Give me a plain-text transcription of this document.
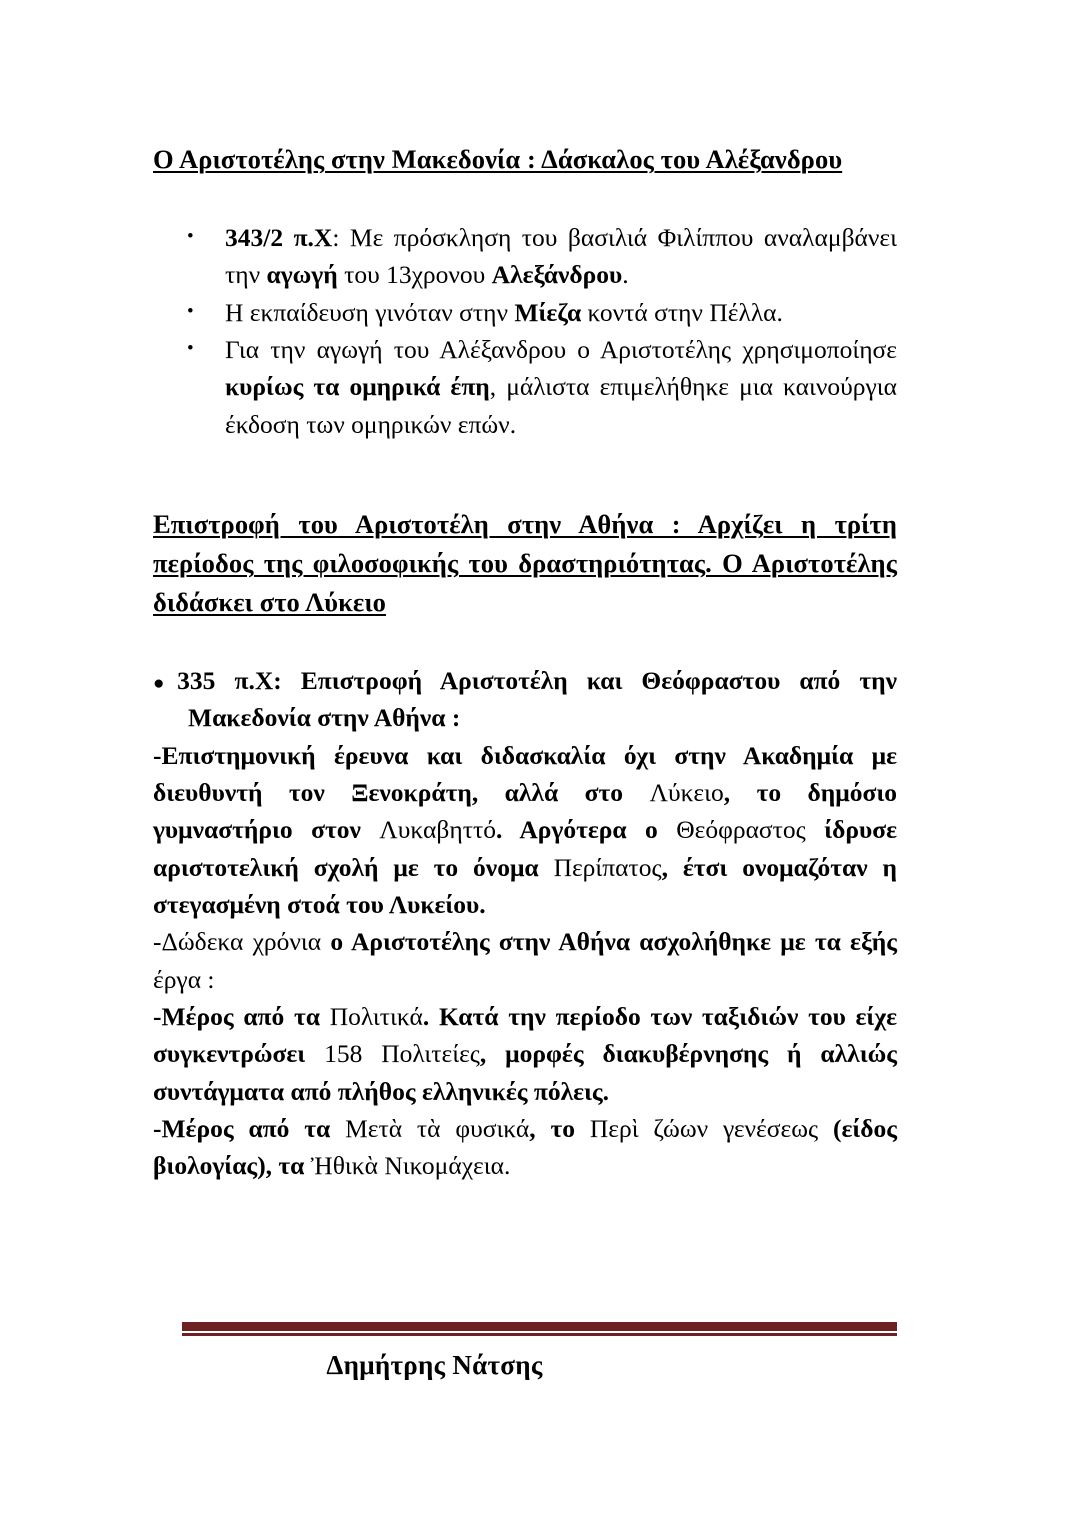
Ο Αριστοτέλης στην Μακεδονία : Δάσκαλος του Αλέξανδρου
• 343/2 π.Χ: Με πρόσκληση του βασιλιά Φιλίππου αναλαμβάνει την αγωγή του 13χρονου Αλεξάνδρου.
• Η εκπαίδευση γινόταν στην Μίεζα κοντά στην Πέλλα.
• Για την αγωγή του Αλέξανδρου ο Αριστοτέλης χρησιμοποίησε κυρίως τα ομηρικά έπη, μάλιστα επιμελήθηκε μια καινούργια έκδοση των ομηρικών επών.
Επιστροφή του Αριστοτέλη στην Αθήνα : Αρχίζει η τρίτη περίοδος της φιλοσοφικής του δραστηριότητας. Ο Αριστοτέλης διδάσκει στο Λύκειο

●335 π.Χ: Επιστροφή Αριστοτέλη και Θεόφραστου από την Μακεδονία στην Αθήνα :

-Επιστημονική έρευνα και διδασκαλία όχι στην Ακαδημία με διευθυντή τον Ξενοκράτη, αλλά στο Λύκειο, το δημόσιο γυμναστήριο στον Λυκαβηττό. Αργότερα ο Θεόφραστος ίδρυσε αριστοτελική σχολή με το όνομα Περίπατος, έτσι ονομαζόταν η στεγασμένη στοά του Λυκείου.

-Δώδεκα χρόνια ο Αριστοτέλης στην Αθήνα ασχολήθηκε με τα εξής έργα :

-Μέρος από τα Πολιτικά. Κατά την περίοδο των ταξιδιών του είχε συγκεντρώσει 158 Πολιτείες, μορφές διακυβέρνησης ή αλλιώς συντάγματα από πλήθος ελληνικές πόλεις.

-Μέρος από τα Μετὰ τὰ φυσικά, το Περὶ ζώων γενέσεως (είδος βιολογίας), τα Ἠθικὰ Νικομάχεια.

Δημήτρης Νάτσης
